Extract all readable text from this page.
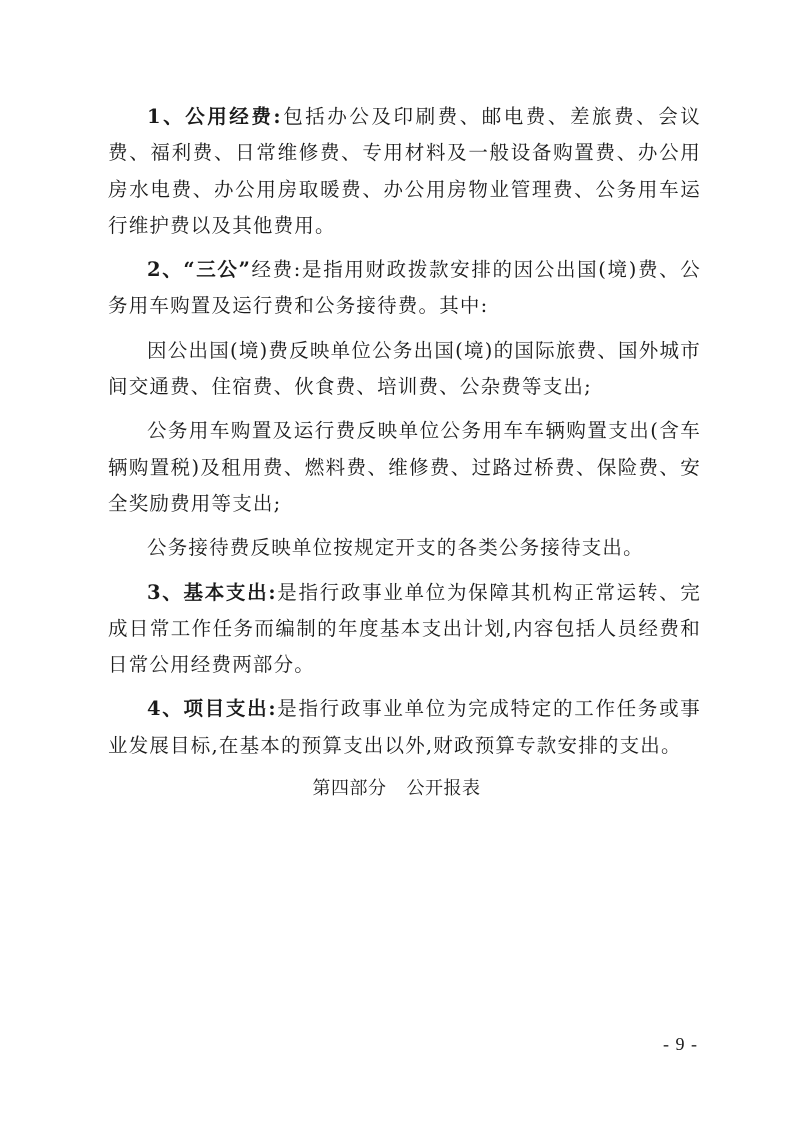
1、公用经费:包括办公及印刷费、邮电费、差旅费、会议费、福利费、日常维修费、专用材料及一般设备购置费、办公用房水电费、办公用房取暖费、办公用房物业管理费、公务用车运行维护费以及其他费用。

2、“三公”经费:是指用财政拨款安排的因公出国(境)费、公务用车购置及运行费和公务接待费。其中:

因公出国(境)费反映单位公务出国(境)的国际旅费、国外城市间交通费、住宿费、伙食费、培训费、公杂费等支出;

公务用车购置及运行费反映单位公务用车车辆购置支出(含车辆购置税)及租用费、燃料费、维修费、过路过桥费、保险费、安全奖励费用等支出;

公务接待费反映单位按规定开支的各类公务接待支出。

3、基本支出:是指行政事业单位为保障其机构正常运转、完成日常工作任务而编制的年度基本支出计划,内容包括人员经费和日常公用经费两部分。

4、项目支出:是指行政事业单位为完成特定的工作任务或事业发展目标,在基本的预算支出以外,财政预算专款安排的支出。

第四部分 公开报表
- 9 -
